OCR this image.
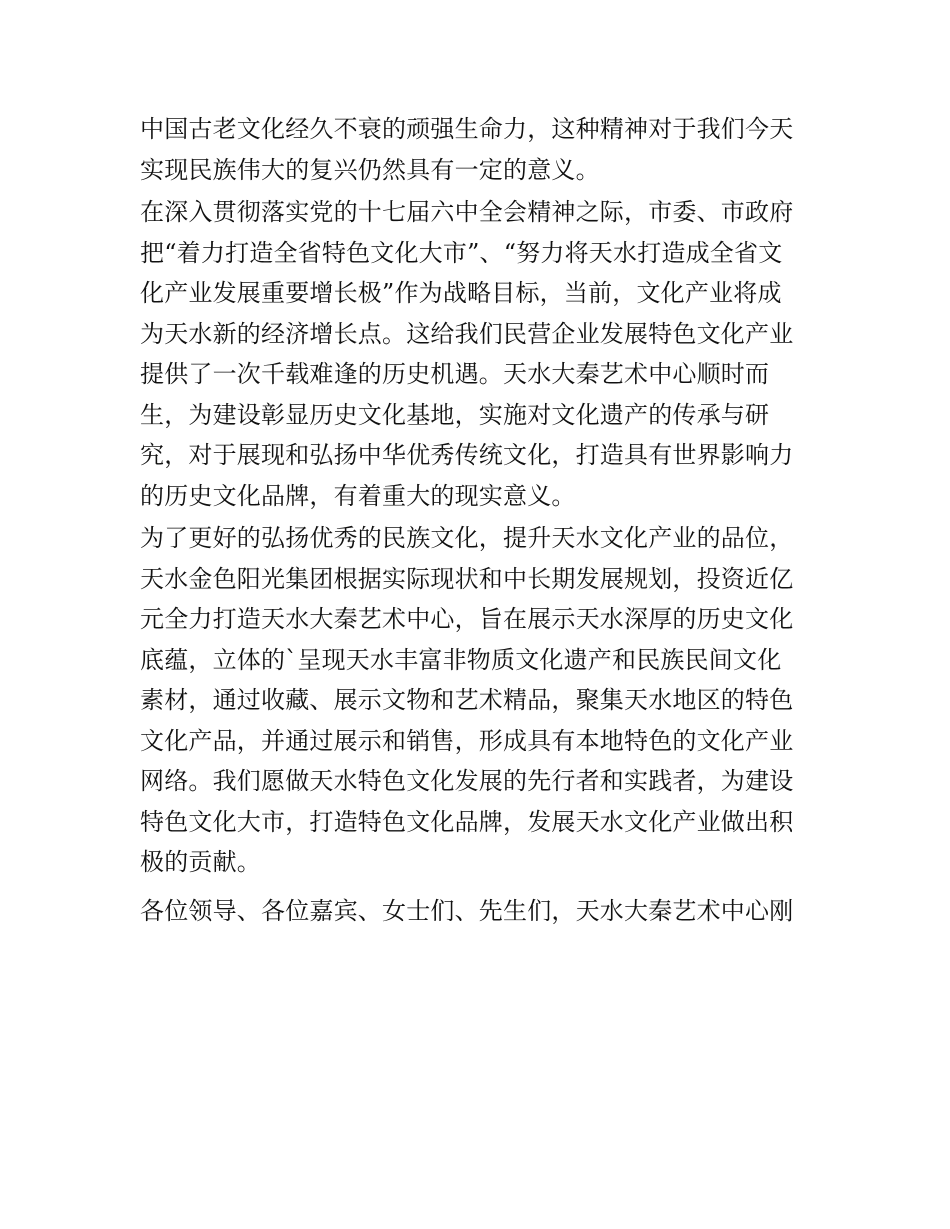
中国古老文化经久不衰的顽强生命力，这种精神对于我们今天
实现民族伟大的复兴仍然具有一定的意义。
在深入贯彻落实党的十七届六中全会精神之际，市委、市政府
把“着力打造全省特色文化大市”、“努力将天水打造成全省文
化产业发展重要增长极”作为战略目标，当前，文化产业将成
为天水新的经济增长点。这给我们民营企业发展特色文化产业
提供了一次千载难逢的历史机遇。天水大秦艺术中心顺时而
生，为建设彰显历史文化基地，实施对文化遗产的传承与研
究，对于展现和弘扬中华优秀传统文化，打造具有世界影响力
的历史文化品牌，有着重大的现实意义。
为了更好的弘扬优秀的民族文化，提升天水文化产业的品位，
天水金色阳光集团根据实际现状和中长期发展规划，投资近亿
元全力打造天水大秦艺术中心，旨在展示天水深厚的历史文化
底蕴，立体的`呈现天水丰富非物质文化遗产和民族民间文化
素材，通过收藏、展示文物和艺术精品，聚集天水地区的特色
文化产品，并通过展示和销售，形成具有本地特色的文化产业
网络。我们愿做天水特色文化发展的先行者和实践者，为建设
特色文化大市，打造特色文化品牌，发展天水文化产业做出积
极的贡献。
各位领导、各位嘉宾、女士们、先生们，天水大秦艺术中心刚
